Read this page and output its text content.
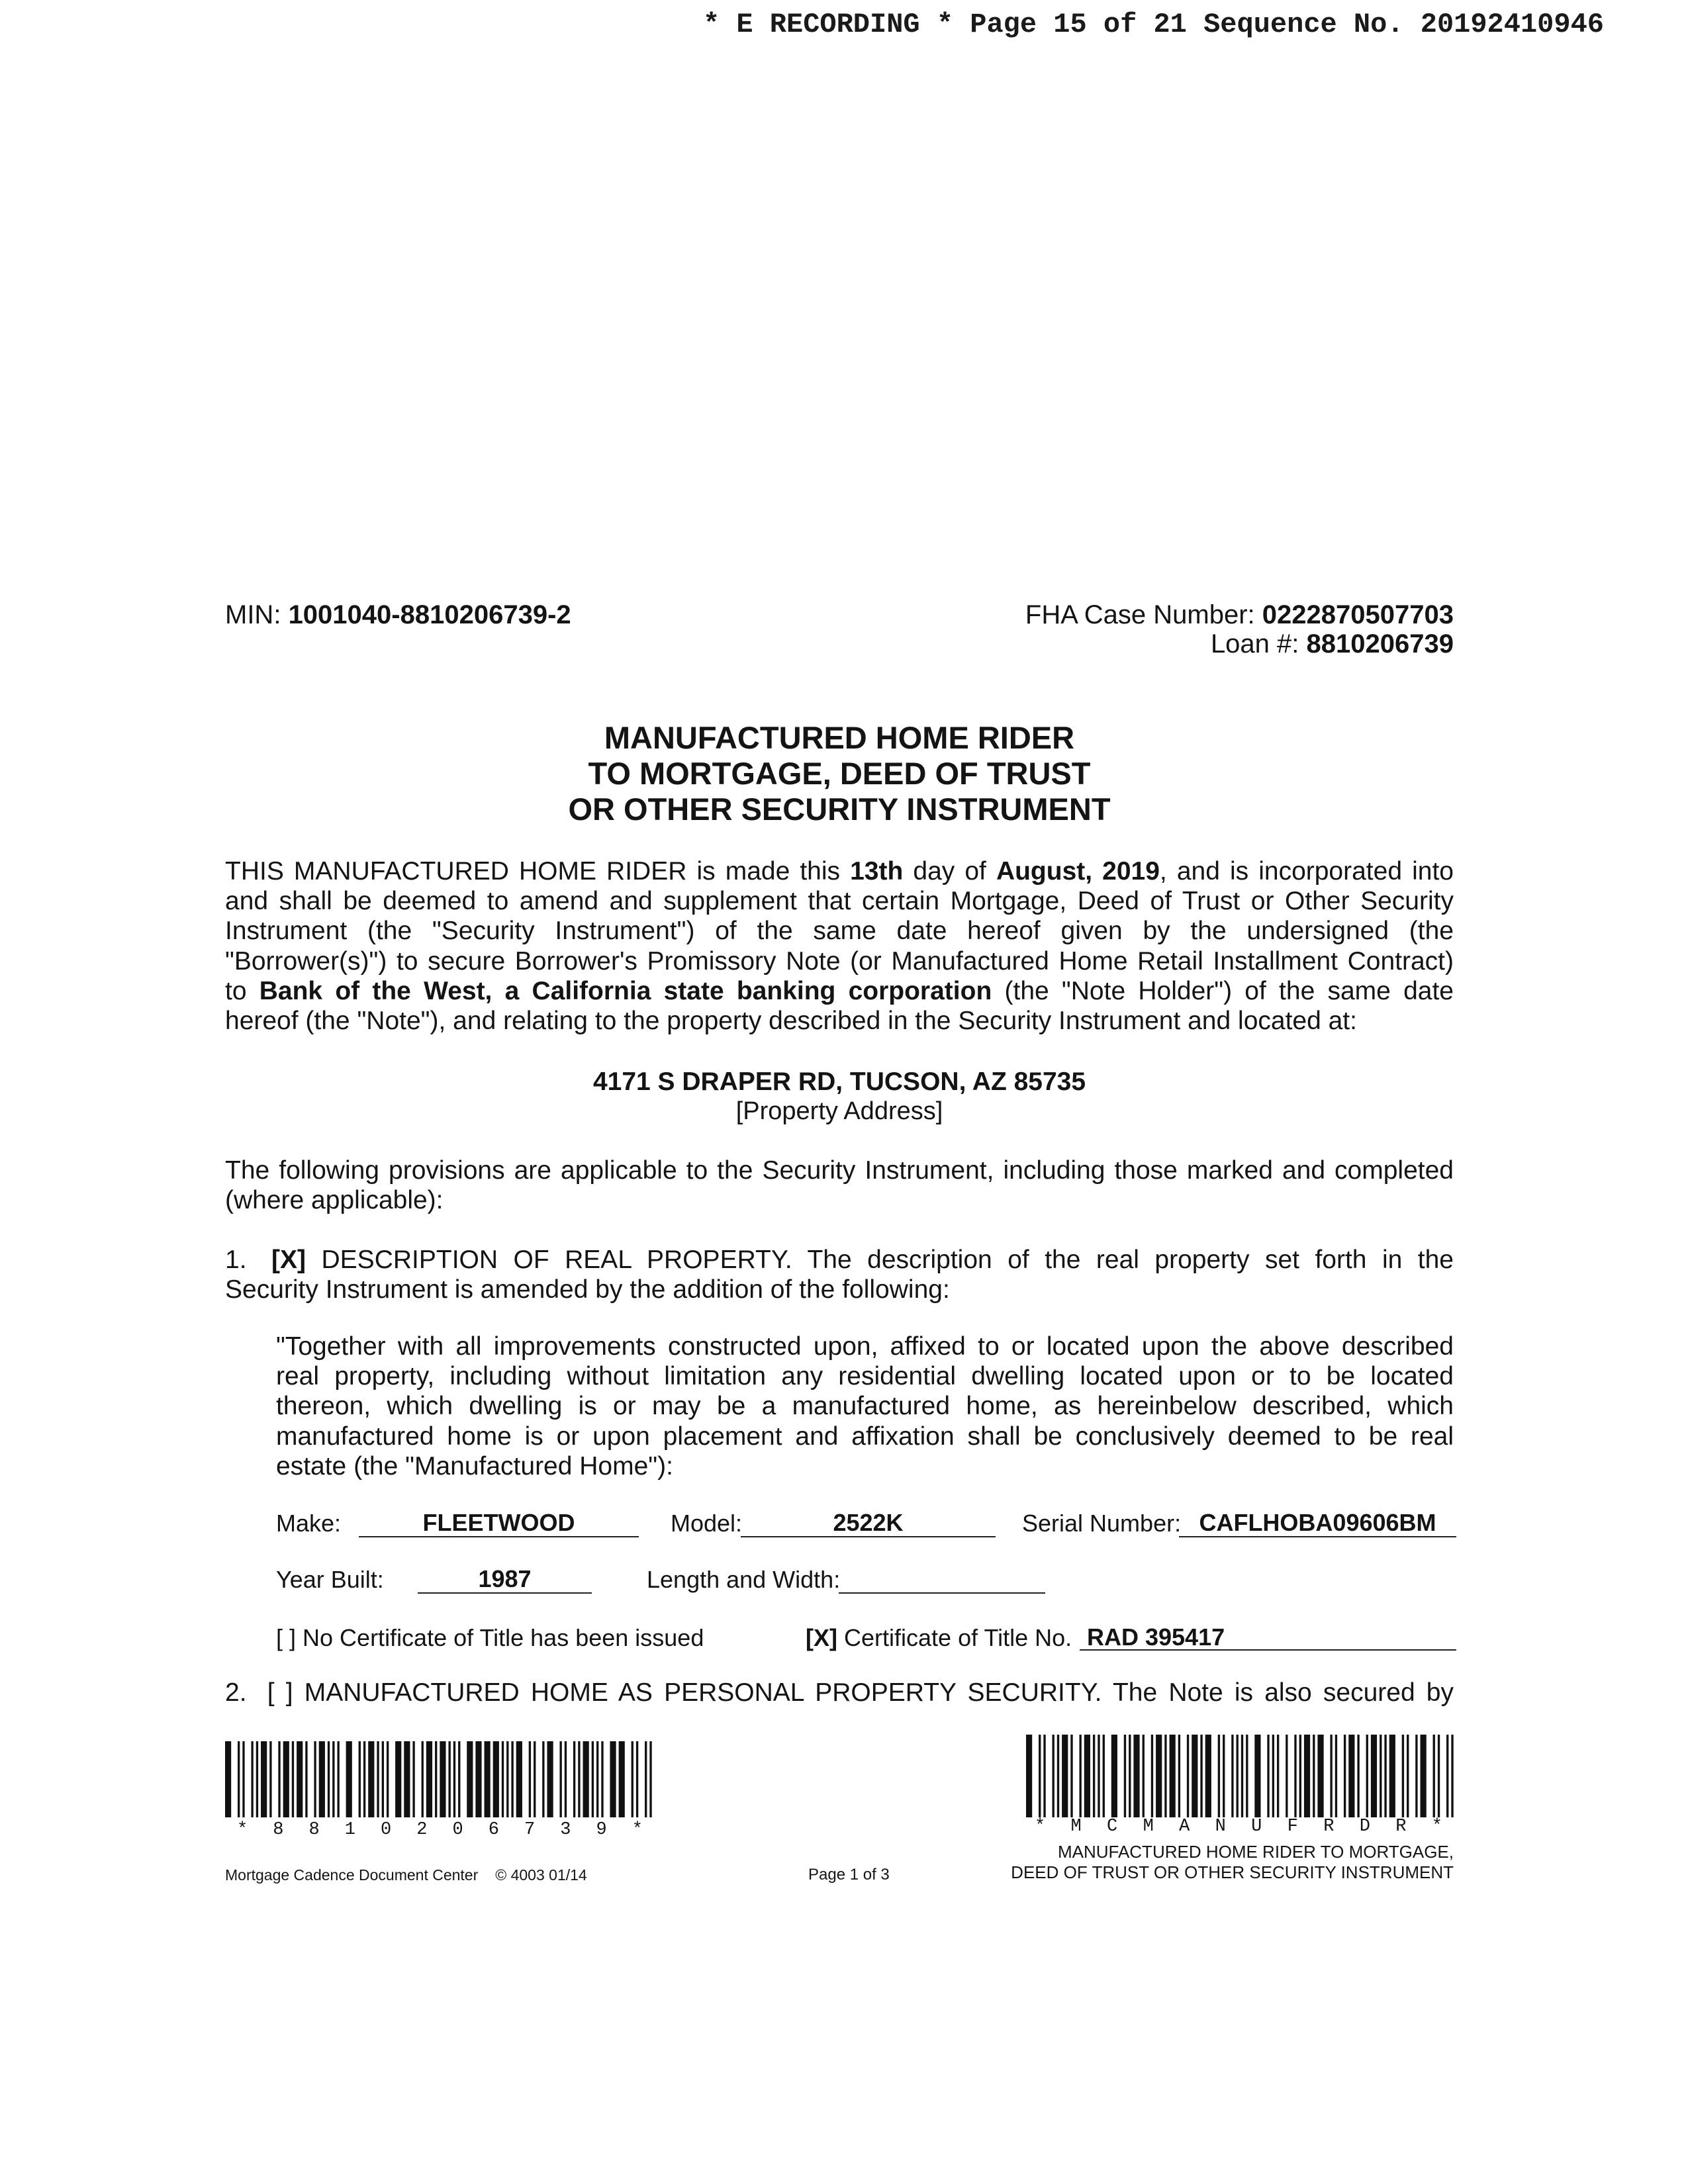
* E RECORDING * Page 15 of 21 Sequence No. 20192410946
MIN: 1001040-8810206739-2	FHA Case Number: 0222870507703
Loan #: 8810206739
MANUFACTURED HOME RIDER
TO MORTGAGE, DEED OF TRUST
OR OTHER SECURITY INSTRUMENT
THIS MANUFACTURED HOME RIDER is made this 13th day of August, 2019, and is incorporated into
and shall be deemed to amend and supplement that certain Mortgage, Deed of Trust or Other Security
Instrument (the "Security Instrument") of the same date hereof given by the undersigned (the
"Borrower(s)") to secure Borrower's Promissory Note (or Manufactured Home Retail Installment Contract)
to Bank of the West, a California state banking corporation (the "Note Holder") of the same date
hereof (the "Note"), and relating to the property described in the Security Instrument and located at:
4171 S DRAPER RD, TUCSON, AZ 85735
[Property Address]
The following provisions are applicable to the Security Instrument, including those marked and completed
(where applicable):
1. [X] DESCRIPTION OF REAL PROPERTY. The description of the real property set forth in the
Security Instrument is amended by the addition of the following:
"Together with all improvements constructed upon, affixed to or located upon the above described
real property, including without limitation any residential dwelling located upon or to be located
thereon, which dwelling is or may be a manufactured home, as hereinbelow described, which
manufactured home is or upon placement and affixation shall be conclusively deemed to be real
estate (the "Manufactured Home"):
Make:	FLEETWOOD	Model:	2522K	Serial Number: CAFLHOBA09606BM
Year Built:	1987	Length and Width:
[ ] No Certificate of Title has been issued	[X] Certificate of Title No. RAD 395417
2. [ ] MANUFACTURED HOME AS PERSONAL PROPERTY SECURITY. The Note is also secured by
* 8 8 1 0 2 0 6 7 3 9 *	* M C M A N U F R D R *
MANUFACTURED HOME RIDER TO MORTGAGE,
DEED OF TRUST OR OTHER SECURITY INSTRUMENT
Mortgage Cadence Document Center © 4003 01/14	Page 1 of 3
